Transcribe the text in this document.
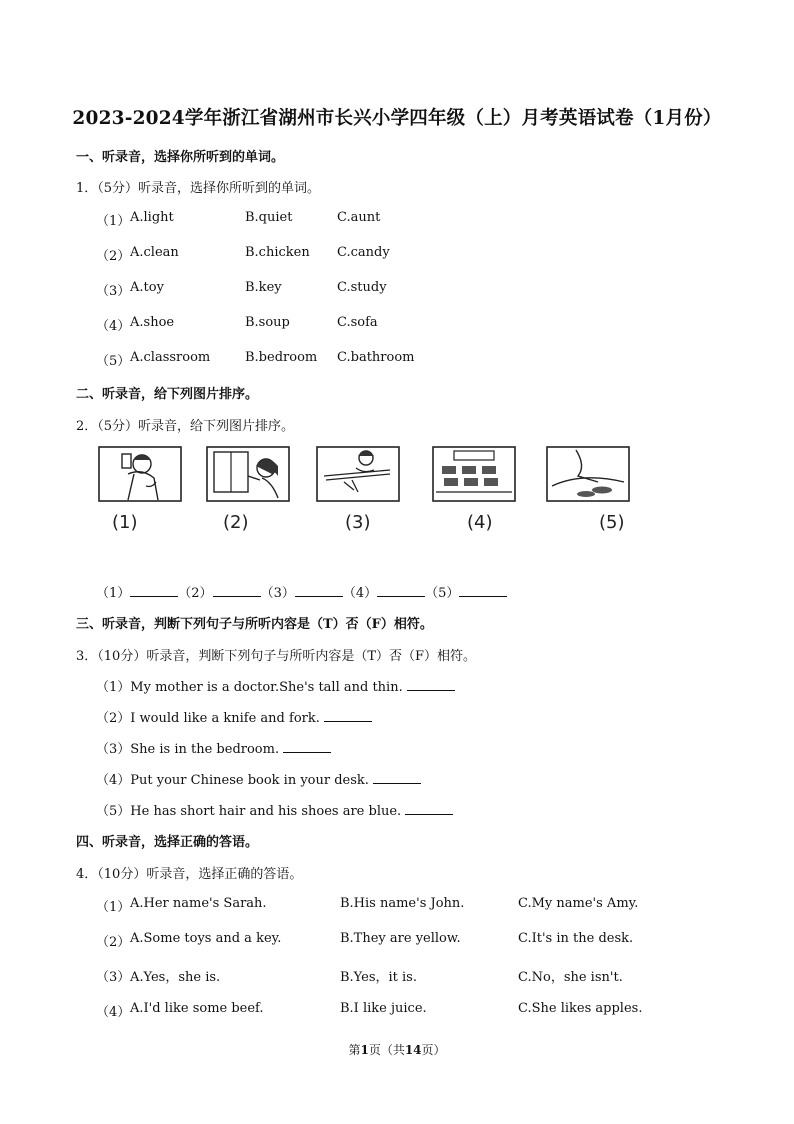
2023-2024学年浙江省湖州市长兴小学四年级（上）月考英语试卷（1月份）
一、听录音，选择你所听到的单词。
1．（5分）听录音，选择你所听到的单词。
（1） A.light	B.quiet	C.aunt
（2） A.clean	B.chicken C.candy
（3） A.toy	B.key	C.study
（4） A.shoe	B.soup	C.sofa
（5） A.classroom	B.bedroom C.bathroom
二、听录音，给下列图片排序。
2．（5分）听录音，给下列图片排序。
(1)	(2)	(3)	(4)	(5)
（1）	（2）	（3）	（4）	（5）
三、听录音，判断下列句子与所听内容是（T）否（F）相符。
3．（10分）听录音，判断下列句子与所听内容是（T）否（F）相符。
（1）My mother is a doctor.She's tall and thin.
（2）I would like a knife and fork.
（3）She is in the bedroom.
（4）Put your Chinese book in your desk.
（5）He has short hair and his shoes are blue.
四、听录音，选择正确的答语。
4．（10分）听录音，选择正确的答语。
（1） A.Her name's Sarah.	B.His name's John.	C.My name's Amy.
（2） A.Some toys and a key.	B.They are yellow.	C.It's in the desk.
（3） A.Yes，she is.	B.Yes，it is.	C.No，she isn't.
（4） A.I'd like some beef.	B.I like juice.	C.She likes apples.
第1页（共14页）
